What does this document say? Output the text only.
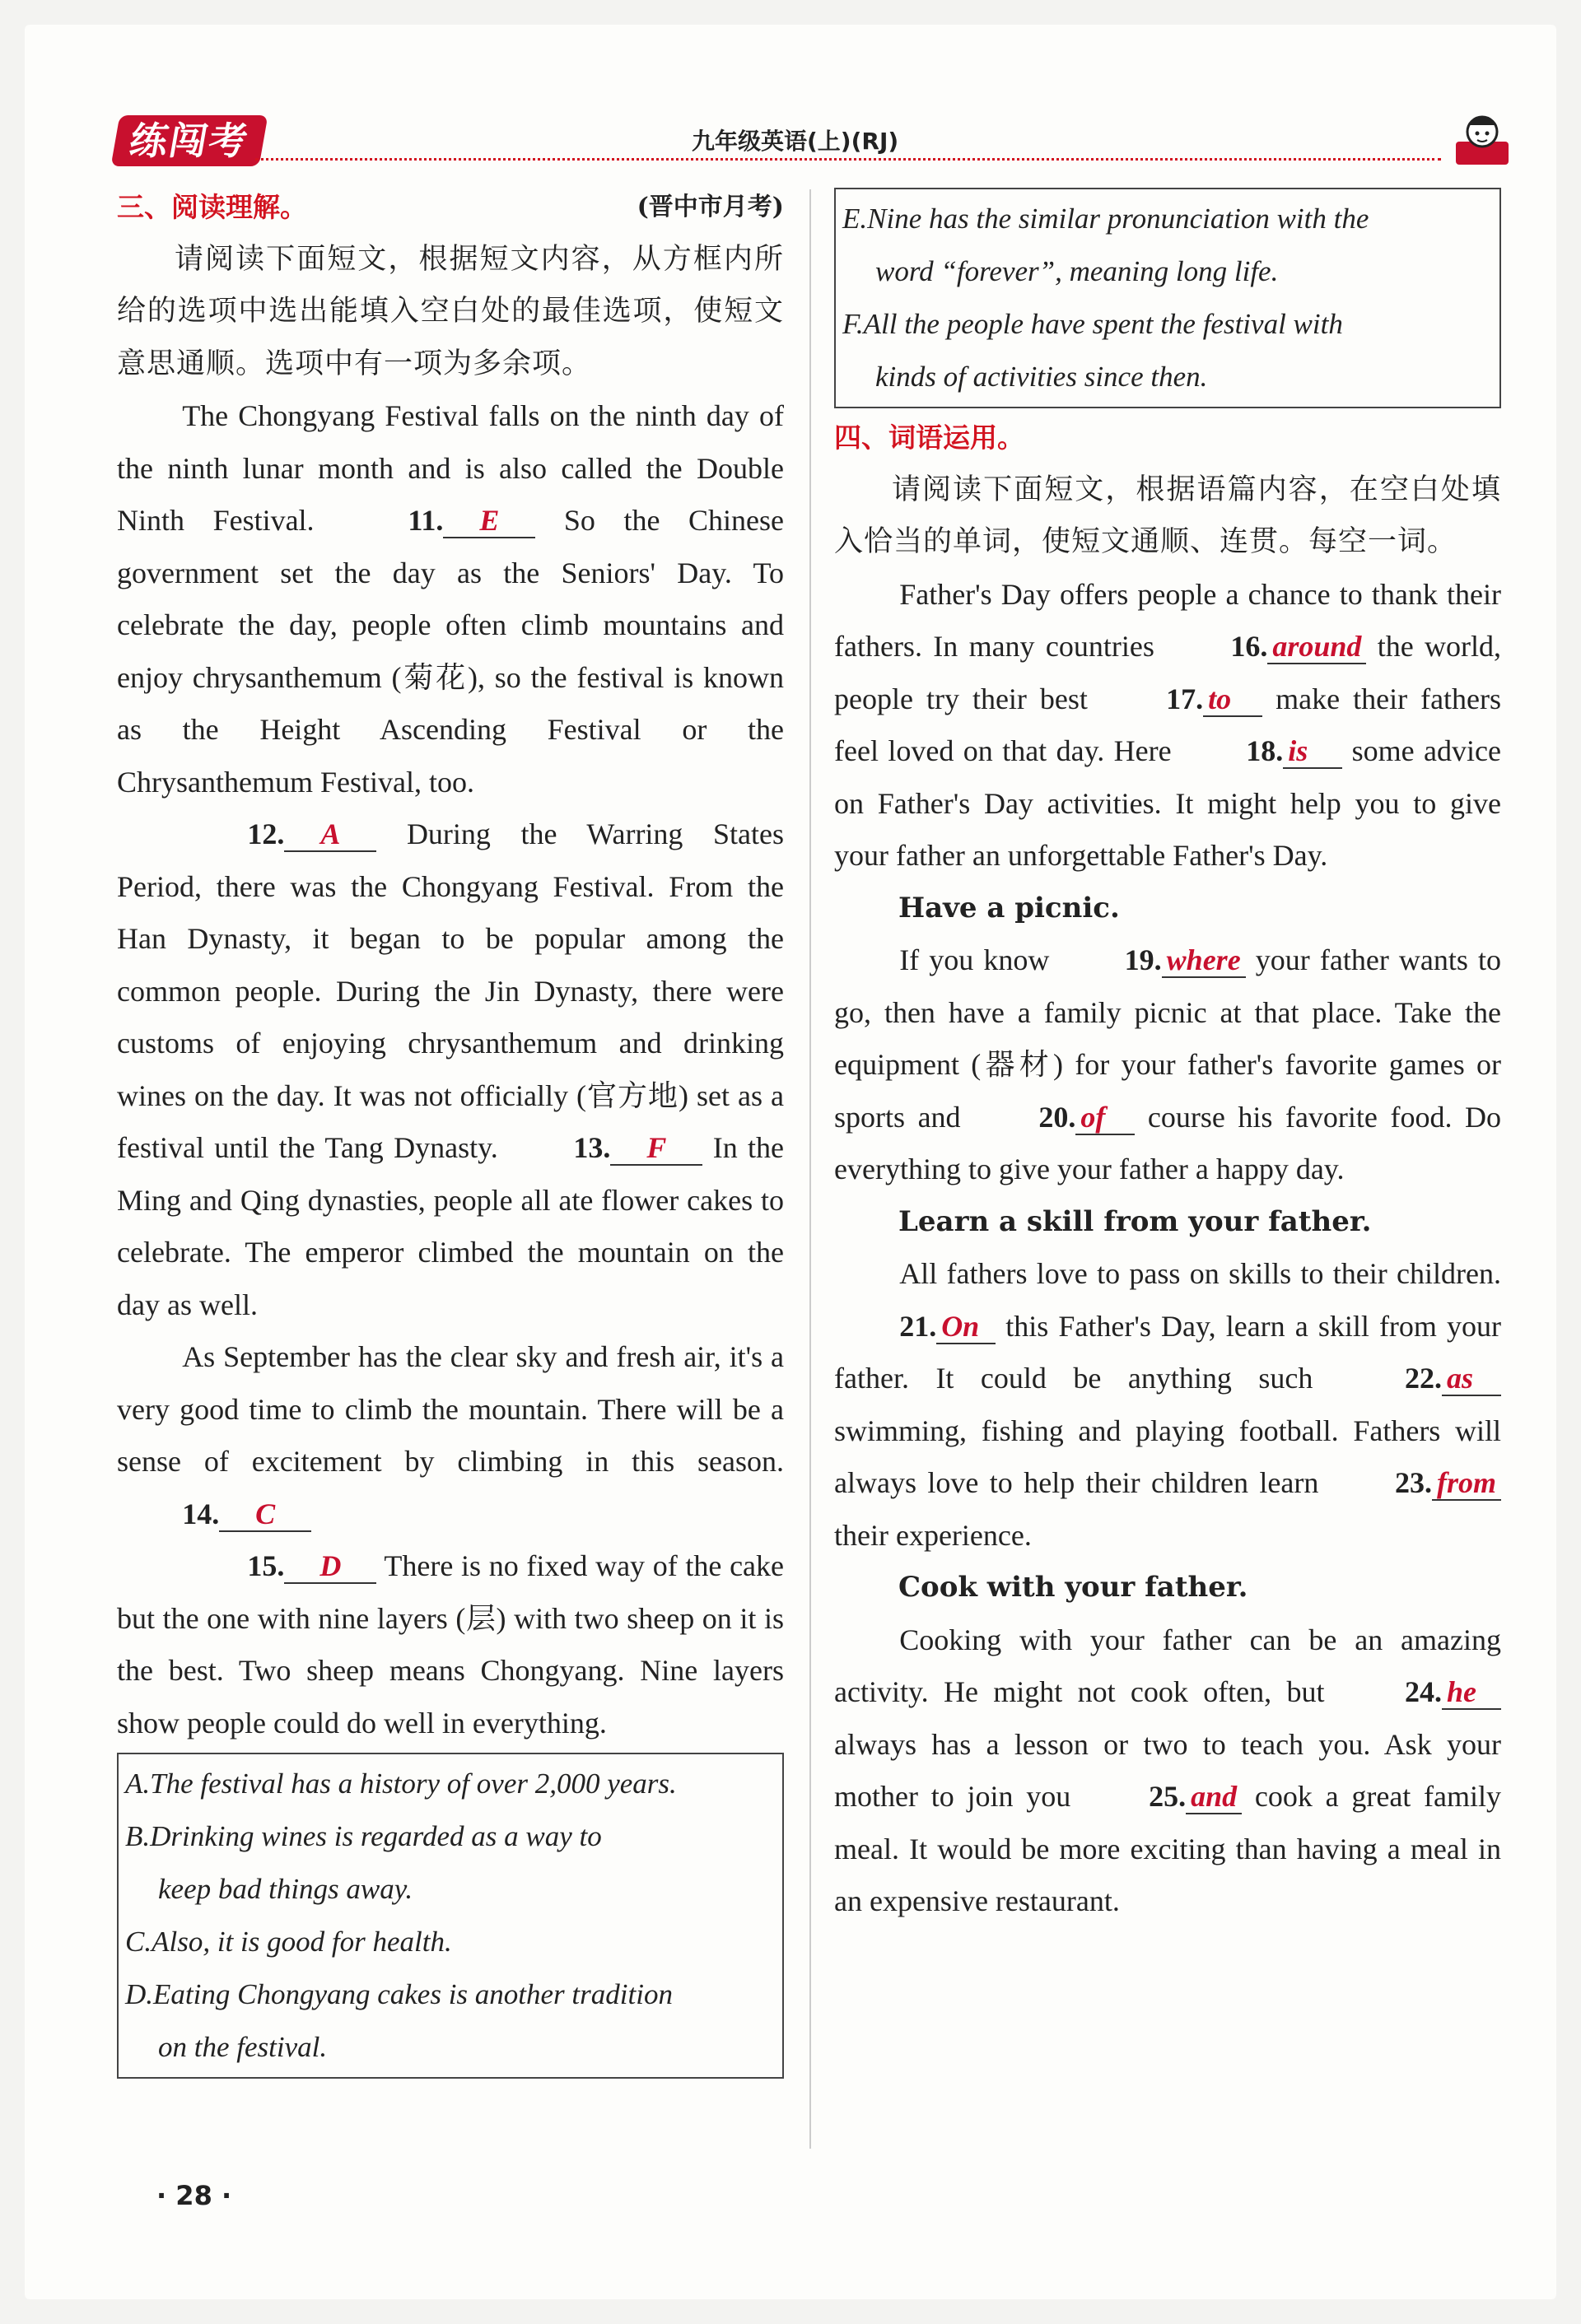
练闯考	九年级英语(上)(RJ)
三、阅读理解。	(晋中市月考)

请阅读下面短文，根据短文内容，从方框内所给的选项中选出能填入空白处的最佳选项，使短文意思通顺。选项中有一项为多余项。

The Chongyang Festival falls on the ninth day of the ninth lunar month and is also called the Double Ninth Festival.	11. E So the Chinese government set the day as the Seniors' Day. To celebrate the day, people often climb mountains and enjoy chrysanthemum (菊花), so the festival is known as the Height Ascending Festival or the Chrysanthemum Festival, too.

12. A During the Warring States Period, there was the Chongyang Festival. From the Han Dynasty, it began to be popular among the common people. During the Jin Dynasty, there were customs of enjoying chrysanthemum and drinking wines on the day. It was not officially (官方地) set as a festival until the Tang Dynasty.	13. F In the Ming and Qing dynasties, people all ate flower cakes to celebrate. The emperor climbed the mountain on the day as well.

As September has the clear sky and fresh air, it's a very good time to climb the mountain. There will be a sense of excitement by climbing in this season. 14. C

15. D There is no fixed way of the cake but the one with nine layers (层) with two sheep on it is the best. Two sheep means Chongyang. Nine layers show people could do well in everything.

A.The festival has a history of over 2,000 years.

B.Drinking wines is regarded as a way to

keep bad things away.

C.Also, it is good for health.

D.Eating Chongyang cakes is another tradition

on the festival.

E.Nine has the similar pronunciation with the

word “forever”, meaning long life.

F.All the people have spent the festival with

kinds of activities since then.

四、词语运用。

请阅读下面短文，根据语篇内容，在空白处填入恰当的单词，使短文通顺、连贯。每空一词。

Father's Day offers people a chance to thank their fathers. In many countries	16. around the world, people try their best	17. to make their fathers feel loved on that day. Here	18. is some advice on Father's Day activities. It might help you to give your father an unforgettable Father's Day.

Have a picnic.

If you know	19. where your father wants to go, then have a family picnic at that place. Take the equipment (器材) for your father's favorite games or sports and	20. of course his favorite food. Do everything to give your father a happy day.

Learn a skill from your father.

All fathers love to pass on skills to their children. 21. On this Father's Day, learn a skill from your father. It could be anything such	22. as swimming, fishing and playing football. Fathers will always love to help their children learn	23. from their experience.

Cook with your father.

Cooking with your father can be an amazing activity. He might not cook often, but	24. he always has a lesson or two to teach you. Ask your mother to join you	25. and cook a great family meal. It would be more exciting than having a meal in an expensive restaurant.

· 28 ·
